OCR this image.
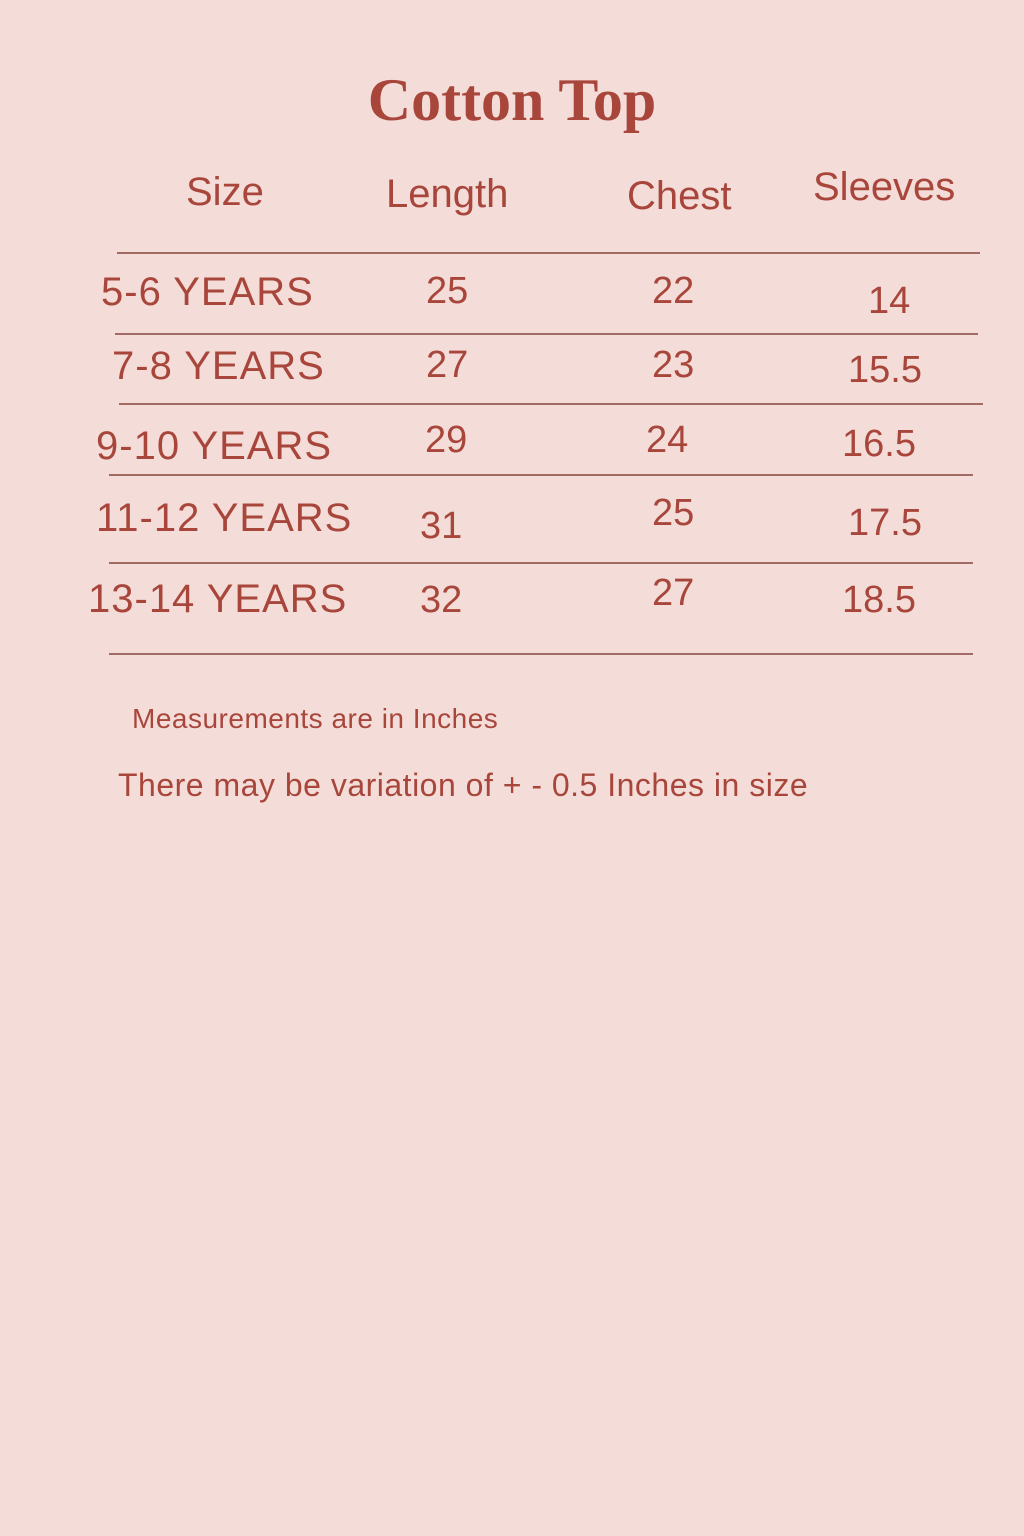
Cotton Top
Size	Length	Chest Sleeves
5-6 YEARS	25	22	14
7-8 YEARS	27	23	15.5
9-10 YEARS 29	24	16.5
11-12 YEARS 31	25	17.5
13-14 YEARS 32	27	18.5
Measurements are in Inches
There may be variation of + - 0.5 Inches in size
